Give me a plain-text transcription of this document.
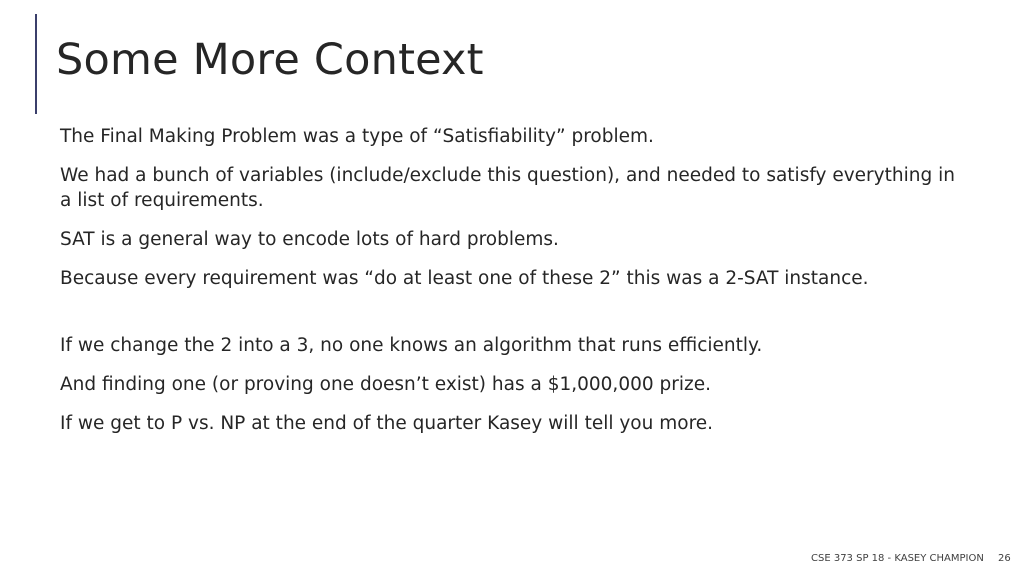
Some More Context

The Final Making Problem was a type of “Satisfiability” problem.

We had a bunch of variables (include/exclude this question), and needed to satisfy everything in a list of requirements.

SAT is a general way to encode lots of hard problems.

Because every requirement was “do at least one of these 2” this was a 2-SAT instance.

If we change the 2 into a 3, no one knows an algorithm that runs efficiently.

And finding one (or proving one doesn’t exist) has a $1,000,000 prize.

If we get to P vs. NP at the end of the quarter Kasey will tell you more.

CSE 373 SP 18 - KASEY CHAMPION 26
